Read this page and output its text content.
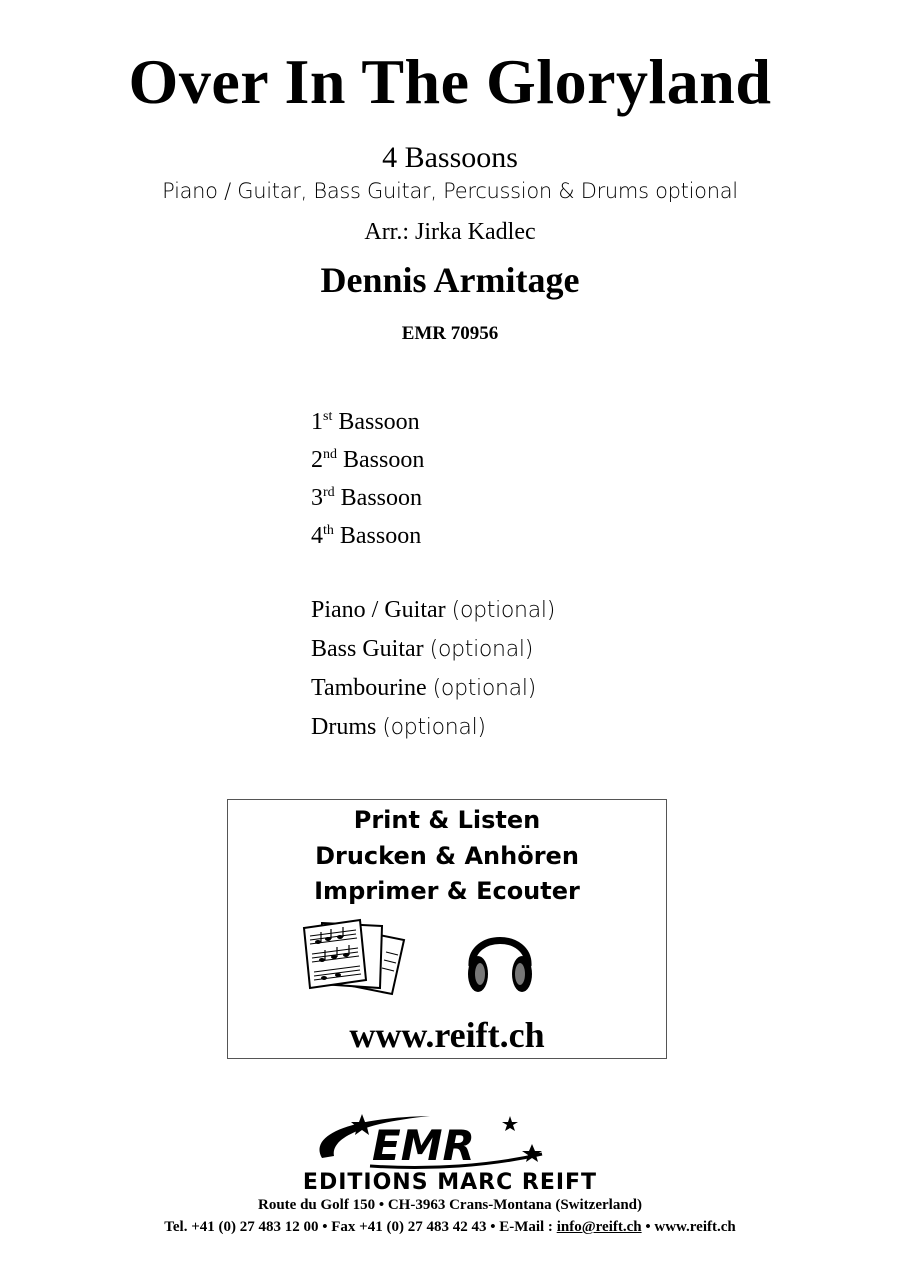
Over In The Gloryland
4 Bassoons
Piano / Guitar, Bass Guitar, Percussion & Drums optional
Arr.: Jirka Kadlec
Dennis Armitage
EMR 70956
1st Bassoon
2nd Bassoon
3rd Bassoon
4th Bassoon
Piano / Guitar (optional)
Bass Guitar (optional)
Tambourine (optional)
Drums (optional)
Print & Listen
Drucken & Anhören
Imprimer & Ecouter
www.reift.ch
EMR
EDITIONS MARC REIFT
Route du Golf 150 • CH-3963 Crans-Montana (Switzerland)
Tel. +41 (0) 27 483 12 00 • Fax +41 (0) 27 483 42 43 • E-Mail : info@reift.ch • www.reift.ch
